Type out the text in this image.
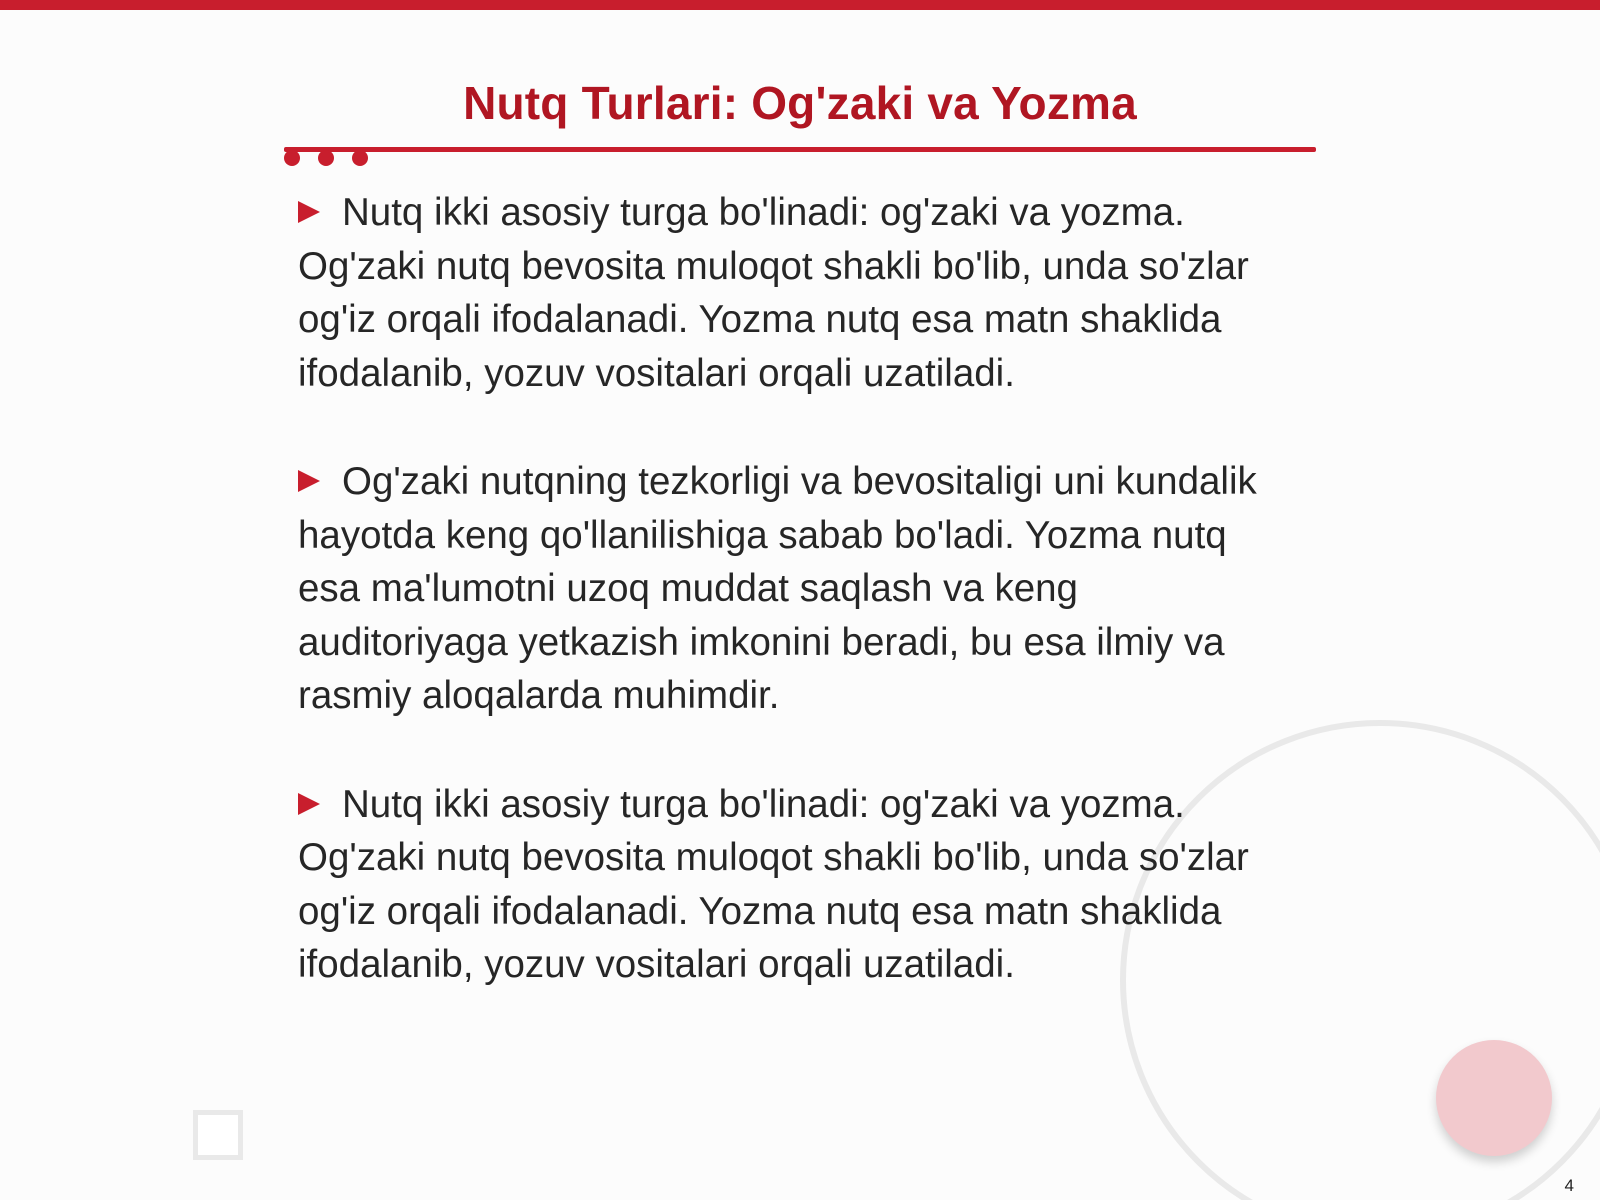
Nutq Turlari: Og'zaki va Yozma

Nutq ikki asosiy turga bo'linadi: og'zaki va yozma. Og'zaki nutq bevosita muloqot shakli bo'lib, unda so'zlar og'iz orqali ifodalanadi. Yozma nutq esa matn shaklida ifodalanib, yozuv vositalari orqali uzatiladi.

Og'zaki nutqning tezkorligi va bevositaligi uni kundalik hayotda keng qo'llanilishiga sabab bo'ladi. Yozma nutq esa ma'lumotni uzoq muddat saqlash va keng auditoriyaga yetkazish imkonini beradi, bu esa ilmiy va rasmiy aloqalarda muhimdir.

Nutq ikki asosiy turga bo'linadi: og'zaki va yozma. Og'zaki nutq bevosita muloqot shakli bo'lib, unda so'zlar og'iz orqali ifodalanadi. Yozma nutq esa matn shaklida ifodalanib, yozuv vositalari orqali uzatiladi.

4
